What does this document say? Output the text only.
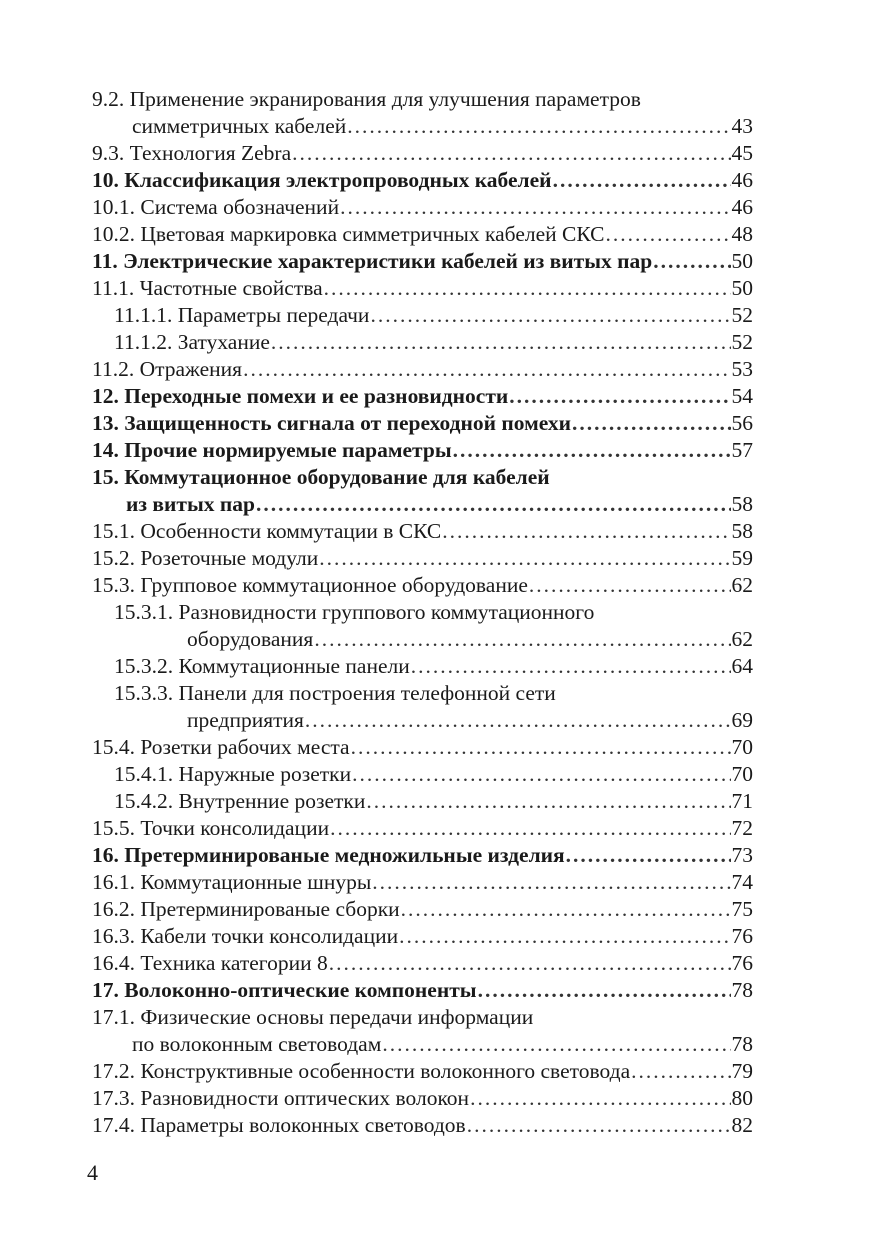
9.2. Применение экранирования для улучшения параметров
симметричных кабелей .....	43
9.3. Технология Zebra .....	45
10. Классификация электропроводных кабелей .....	46
10.1. Система обозначений .....	46
10.2. Цветовая маркировка симметричных кабелей СКС .....	48
11. Электрические характеристики кабелей из витых пар .....	50
11.1. Частотные свойства .....	50
11.1.1. Параметры передачи .....	52
11.1.2. Затухание .....	52
11.2. Отражения .....	53
12. Переходные помехи и ее разновидности .....	54
13. Защищенность сигнала от переходной помехи .....	56
14. Прочие нормируемые параметры .....	57
15. Коммутационное оборудование для кабелей
из витых пар .....	58
15.1. Особенности коммутации в СКС .....	58
15.2. Розеточные модули .....	59
15.3. Групповое коммутационное оборудование .....	62
15.3.1. Разновидности группового коммутационного
оборудования .....	62
15.3.2. Коммутационные панели .....	64
15.3.3. Панели для построения телефонной сети
предприятия .....	69
15.4. Розетки рабочих места .....	70
15.4.1. Наружные розетки .....	70
15.4.2. Внутренние розетки .....	71
15.5. Точки консолидации .....	72
16. Претерминированые медножильные изделия .....	73
16.1. Коммутационные шнуры .....	74
16.2. Претерминированые сборки .....	75
16.3. Кабели точки консолидации .....	76
16.4. Техника категории 8 .....	76
17. Волоконно-оптические компоненты .....	78
17.1. Физические основы передачи информации
по волоконным световодам .....	78
17.2. Конструктивные особенности волоконного световода .....	79
17.3. Разновидности оптических волокон .....	80
17.4. Параметры волоконных световодов .....	82
4
